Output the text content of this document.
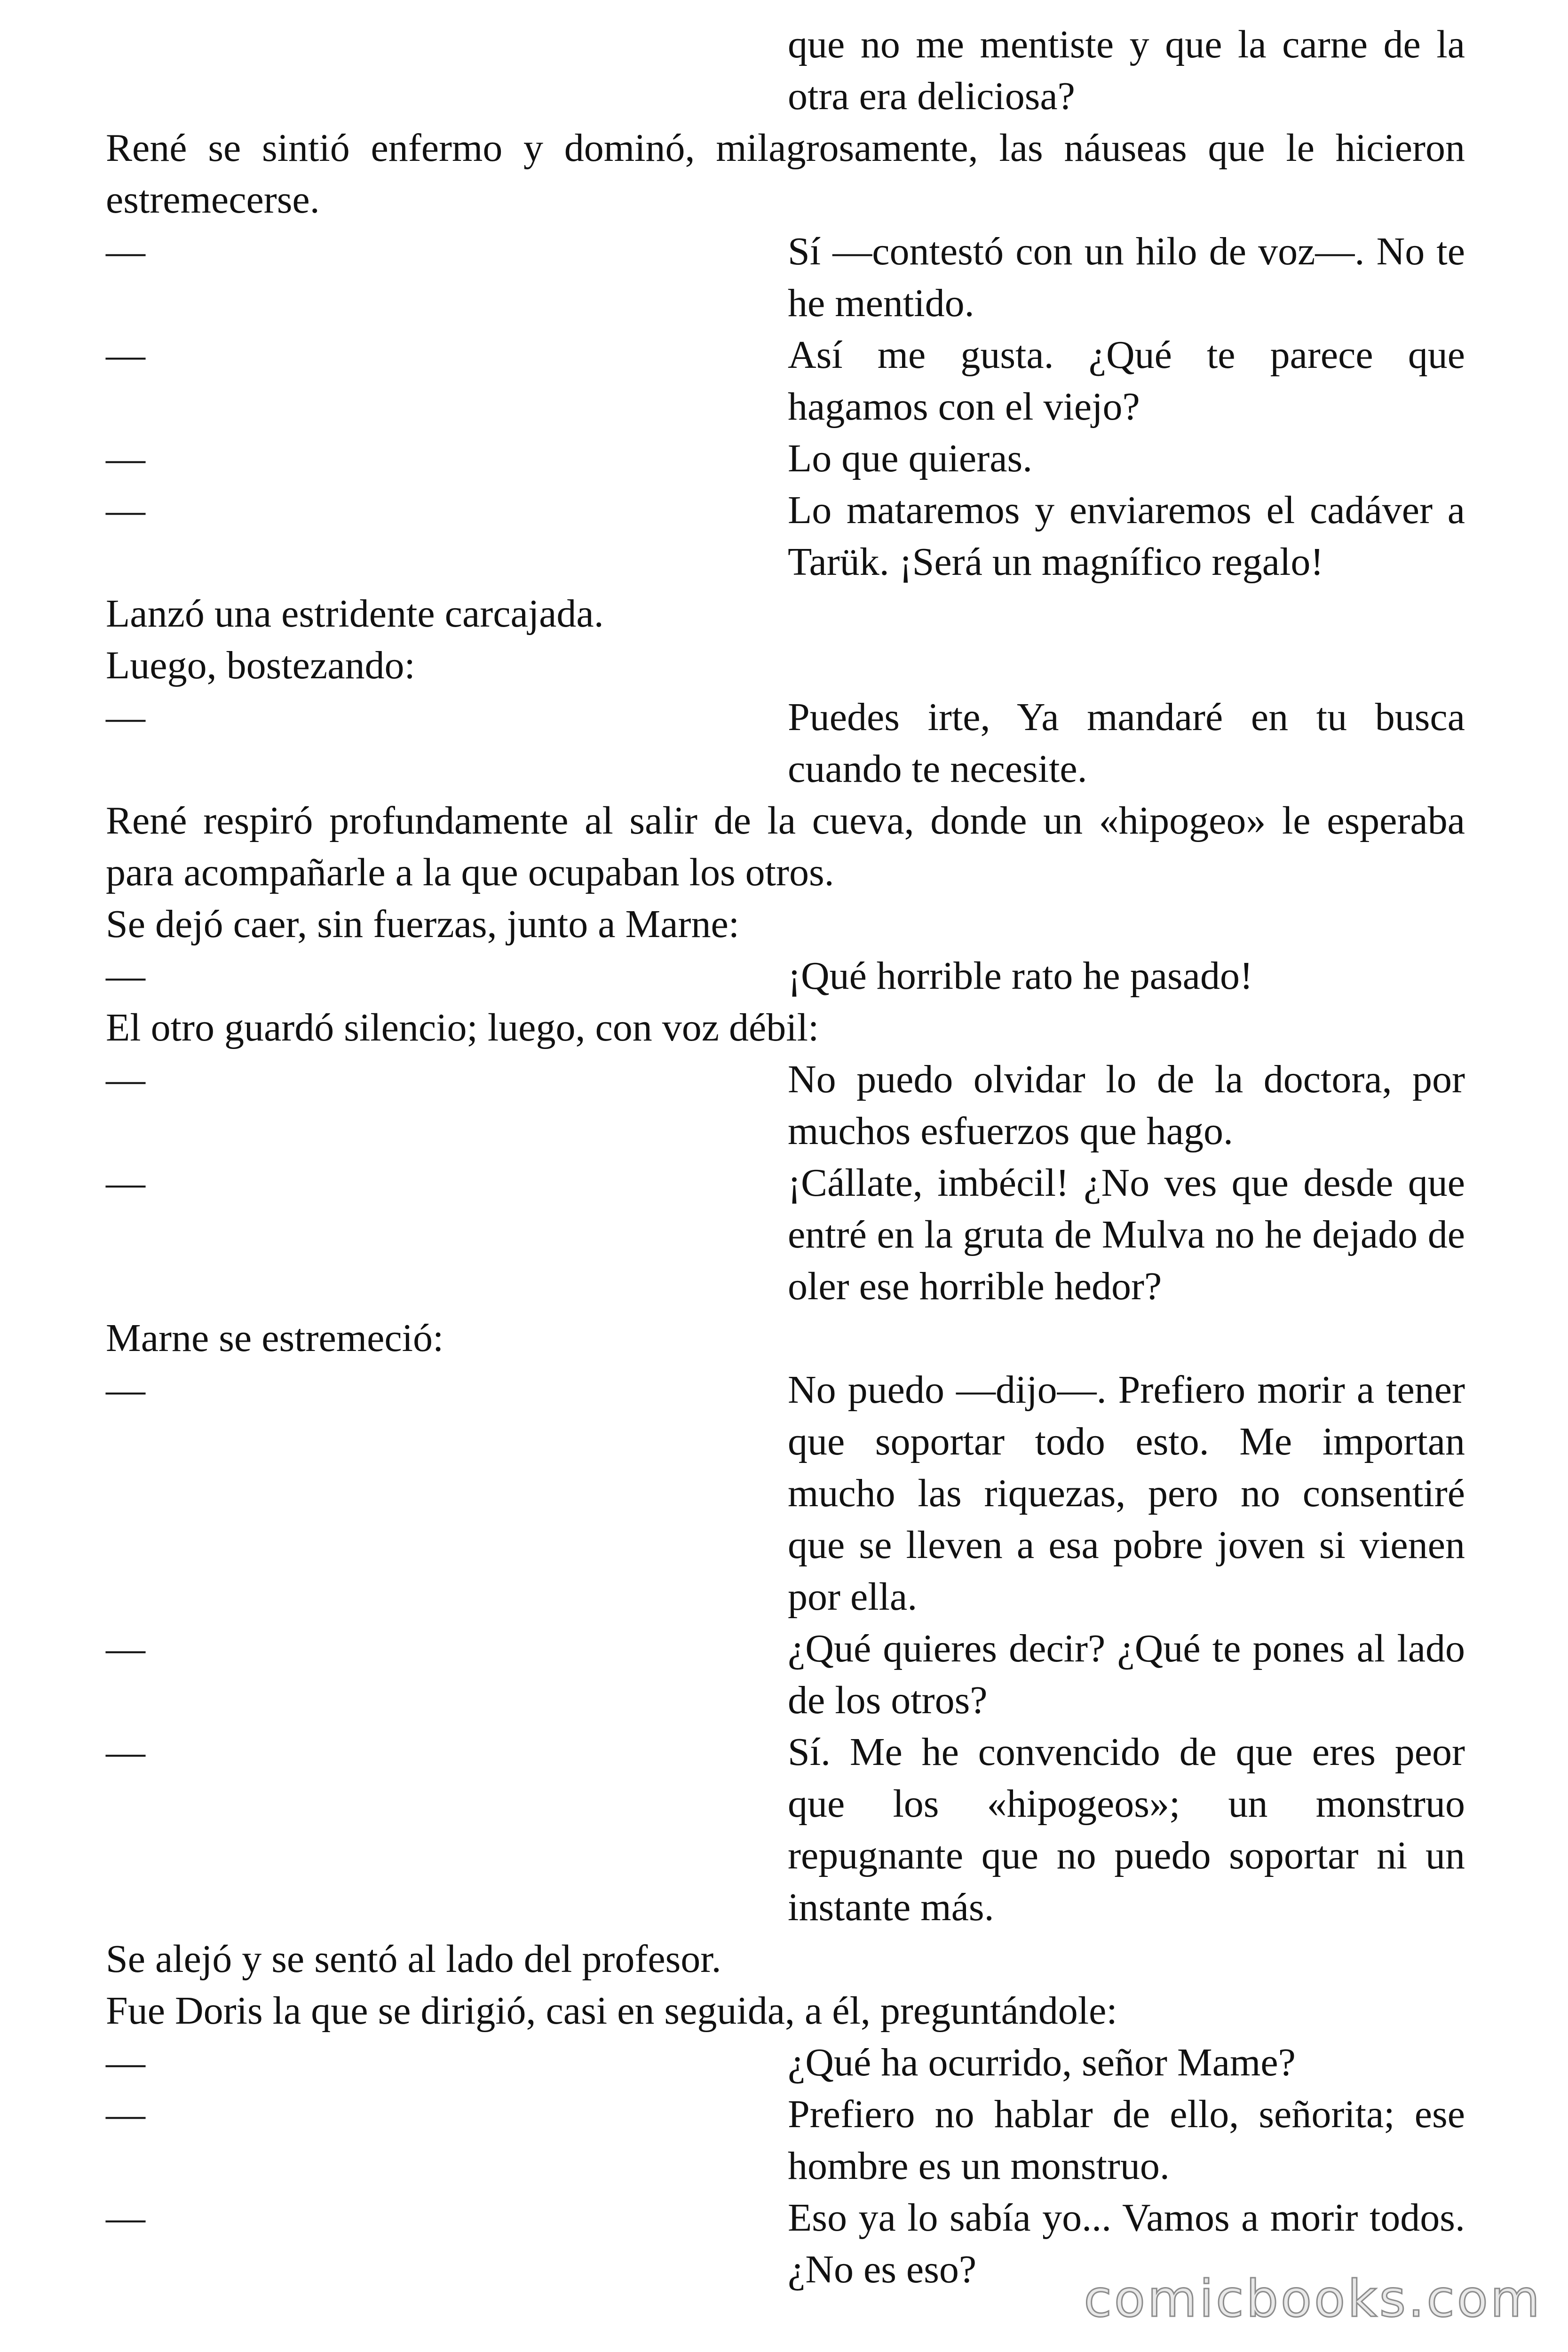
que no me mentiste y que la carne de la otra era deliciosa?

René se sintió enfermo y dominó, milagrosamente, las náuseas que le hicieron estremecerse.

—	Sí —contestó con un hilo de voz—. No te he mentido.

—	Así me gusta. ¿Qué te parece que hagamos con el viejo?

—	Lo que quieras.

—	Lo mataremos y enviaremos el cadáver a Tarük. ¡Será un magnífico regalo!

Lanzó una estridente carcajada.

Luego, bostezando:

—	Puedes irte, Ya mandaré en tu busca cuando te necesite.

René respiró profundamente al salir de la cueva, donde un «hipogeo» le esperaba para acompañarle a la que ocupaban los otros.

Se dejó caer, sin fuerzas, junto a Marne:

—	¡Qué horrible rato he pasado!

El otro guardó silencio; luego, con voz débil:

—	No puedo olvidar lo de la doctora, por muchos esfuerzos que hago.

—	¡Cállate, imbécil! ¿No ves que desde que entré en la gruta de Mulva no he dejado de oler ese horrible hedor?

Marne se estremeció:

—	No puedo —dijo—. Prefiero morir a tener que soportar todo esto. Me importan mucho las riquezas, pero no consentiré que se lleven a esa pobre joven si vienen por ella.

—	¿Qué quieres decir? ¿Qué te pones al lado de los otros?

—	Sí. Me he convencido de que eres peor que los «hipogeos»; un monstruo repugnante que no puedo soportar ni un instante más.

Se alejó y se sentó al lado del profesor.

Fue Doris la que se dirigió, casi en seguida, a él, preguntándole:

—	¿Qué ha ocurrido, señor Mame?

—	Prefiero no hablar de ello, señorita; ese hombre es un monstruo.

—	Eso ya lo sabía yo... Vamos a morir todos. ¿No es eso?

comicbooks.com
